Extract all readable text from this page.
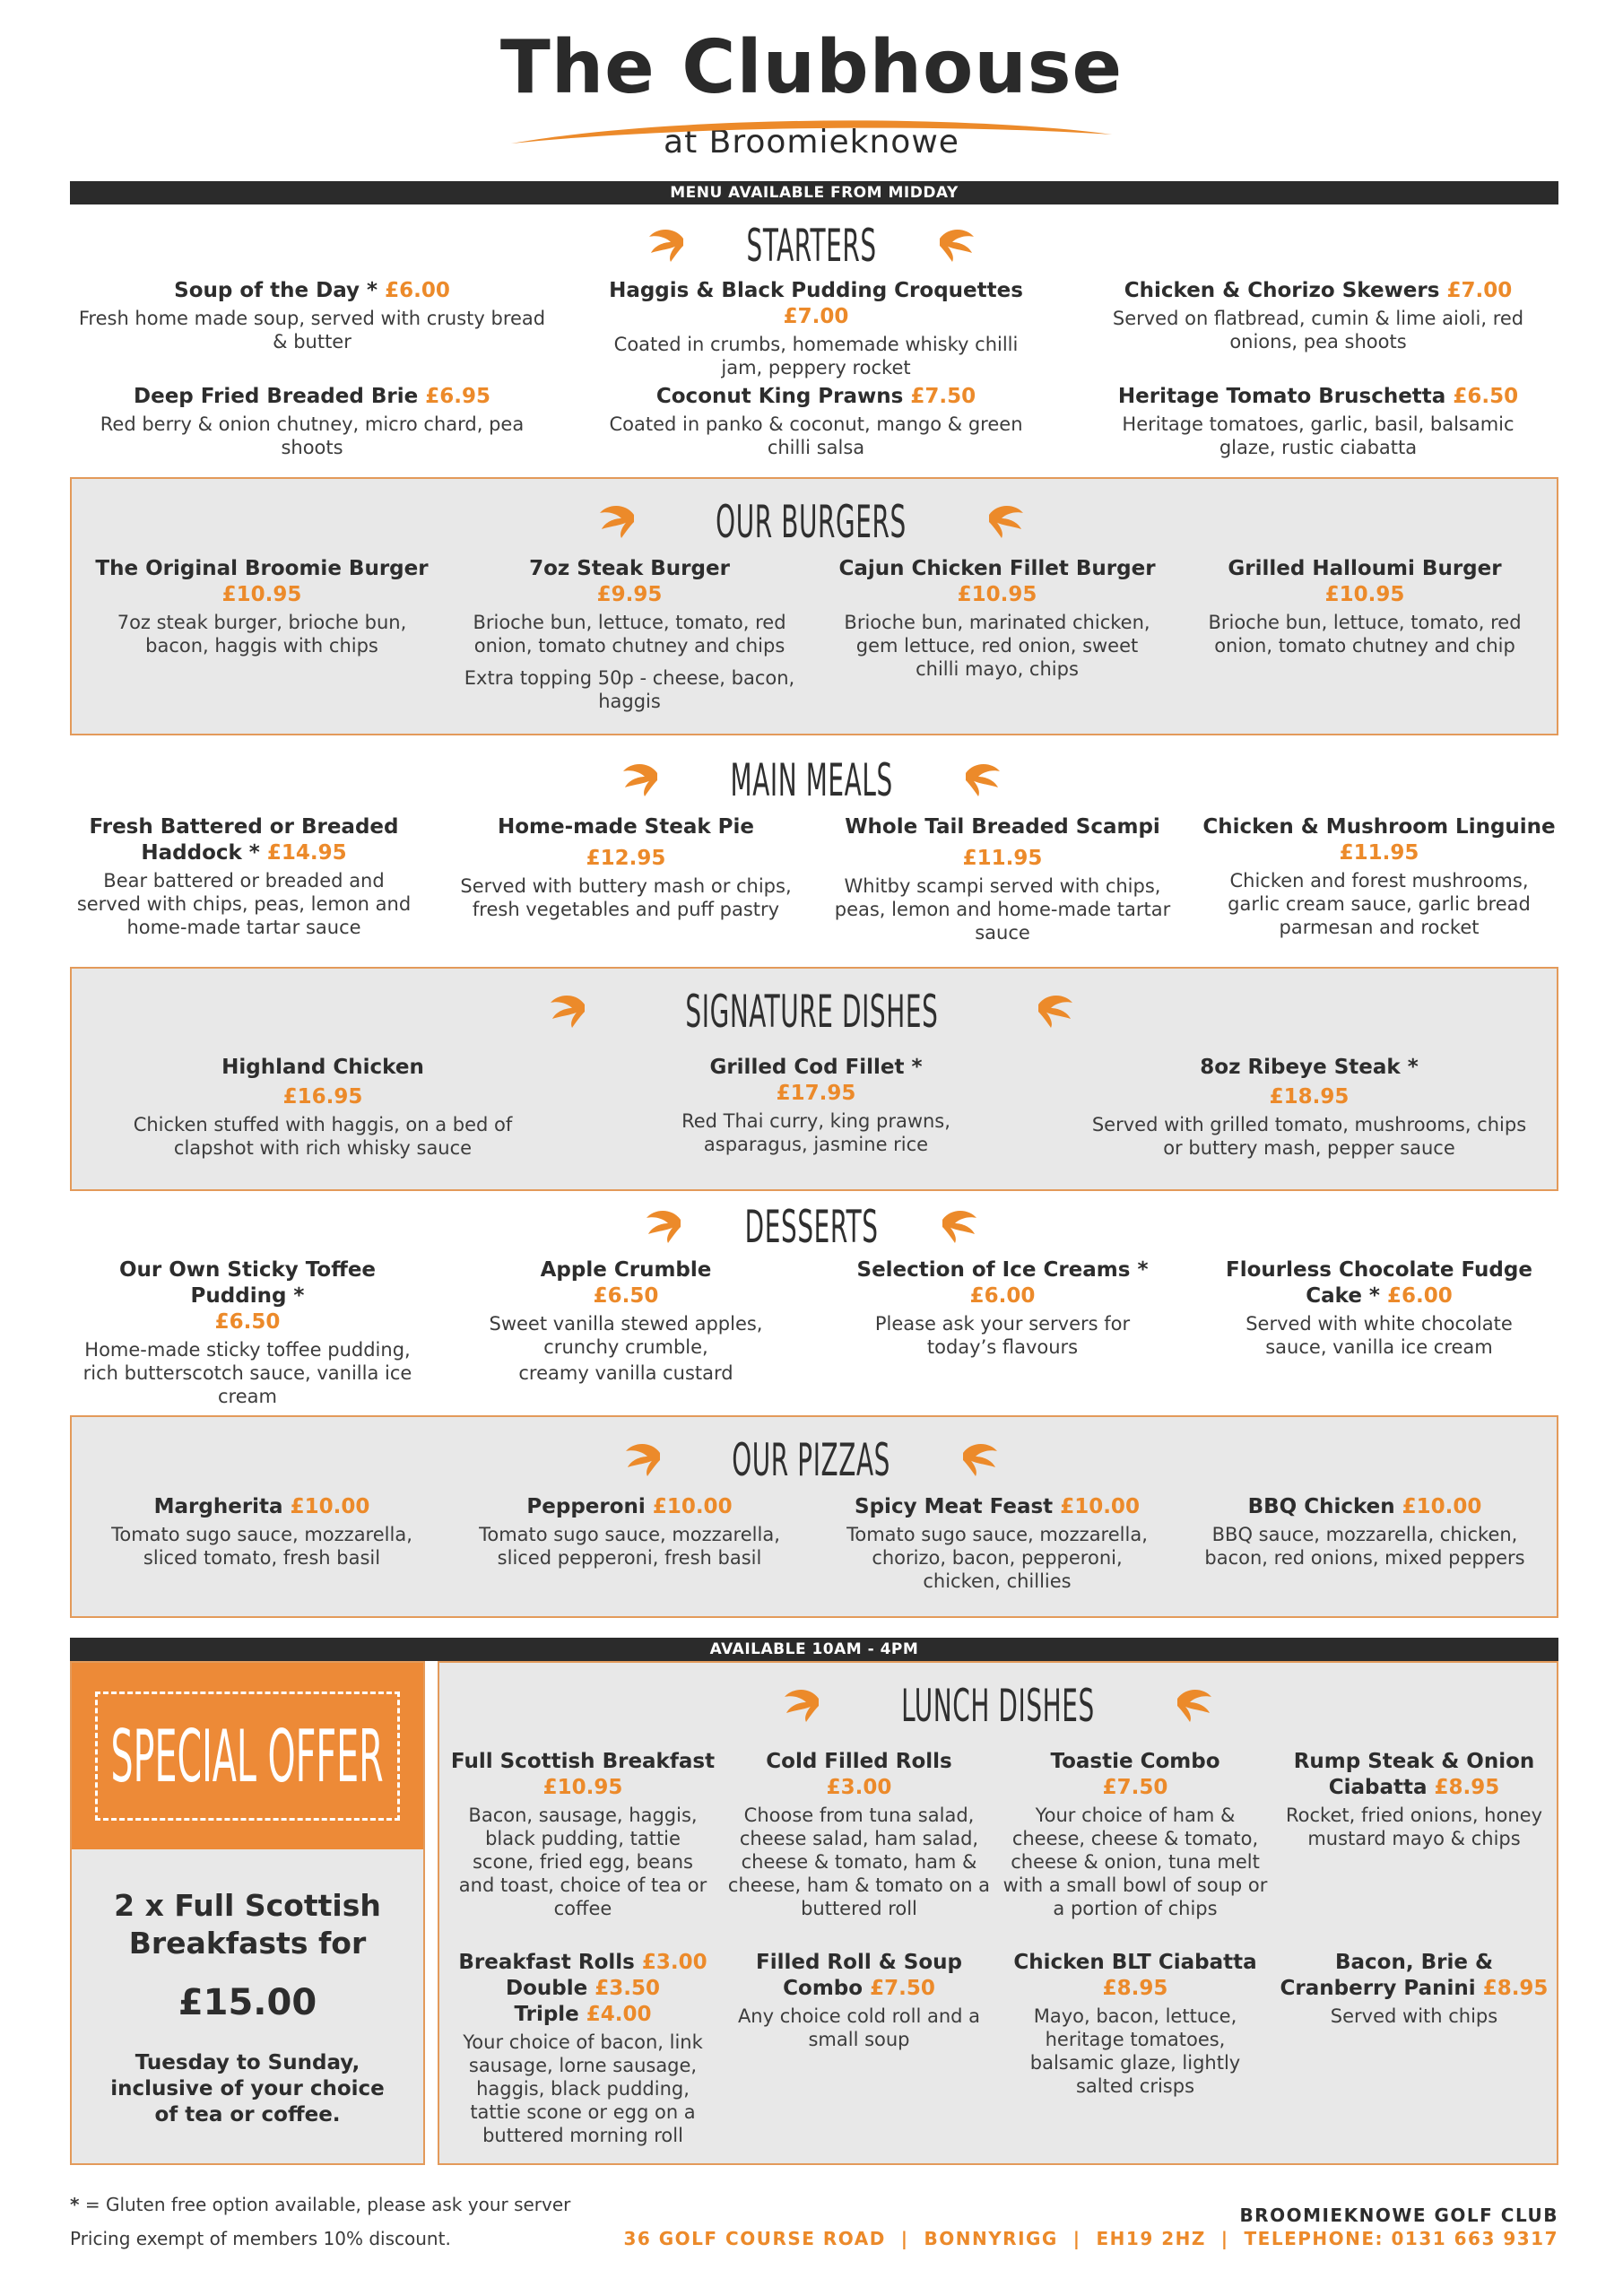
The Clubhouse
at Broomieknowe
MENU AVAILABLE FROM MIDDAY
STARTERS
Soup of the Day * £6.00
Fresh home made soup, served with crusty bread & butter
Haggis & Black Pudding Croquettes £7.00
Coated in crumbs, homemade whisky chilli jam, peppery rocket
Chicken & Chorizo Skewers £7.00
Served on flatbread, cumin & lime aioli, red onions, pea shoots
Deep Fried Breaded Brie £6.95
Red berry & onion chutney, micro chard, pea shoots
Coconut King Prawns £7.50
Coated in panko & coconut, mango & green chilli salsa
Heritage Tomato Bruschetta £6.50
Heritage tomatoes, garlic, basil, balsamic glaze, rustic ciabatta
OUR BURGERS
The Original Broomie Burger
£10.95
7oz steak burger, brioche bun, bacon, haggis with chips
7oz Steak Burger
£9.95
Brioche bun, lettuce, tomato, red onion, tomato chutney and chips
Extra topping 50p - cheese, bacon, haggis
Cajun Chicken Fillet Burger
£10.95
Brioche bun, marinated chicken, gem lettuce, red onion, sweet chilli mayo, chips
Grilled Halloumi Burger
£10.95
Brioche bun, lettuce, tomato, red onion, tomato chutney and chip
MAIN MEALS
Fresh Battered or Breaded
Haddock * £14.95
Bear battered or breaded and served with chips, peas, lemon and home-made tartar sauce
Home-made Steak Pie
£12.95
Served with buttery mash or chips, fresh vegetables and puff pastry
Whole Tail Breaded Scampi
£11.95
Whitby scampi served with chips, peas, lemon and home-made tartar sauce
Chicken & Mushroom Linguine
£11.95
Chicken and forest mushrooms, garlic cream sauce, garlic bread parmesan and rocket
SIGNATURE DISHES
Highland Chicken
£16.95
Chicken stuffed with haggis, on a bed of clapshot with rich whisky sauce
Grilled Cod Fillet *
£17.95
Red Thai curry, king prawns, asparagus, jasmine rice
8oz Ribeye Steak *
£18.95
Served with grilled tomato, mushrooms, chips or buttery mash, pepper sauce
DESSERTS
Our Own Sticky Toffee Pudding *
£6.50
Home-made sticky toffee pudding, rich butterscotch sauce, vanilla ice cream
Apple Crumble
£6.50
Sweet vanilla stewed apples, crunchy crumble,
creamy vanilla custard
Selection of Ice Creams * £6.00
Please ask your servers for today’s flavours
Flourless Chocolate Fudge
Cake * £6.00
Served with white chocolate sauce, vanilla ice cream
OUR PIZZAS
Margherita £10.00
Tomato sugo sauce, mozzarella, sliced tomato, fresh basil
Pepperoni £10.00
Tomato sugo sauce, mozzarella, sliced pepperoni, fresh basil
Spicy Meat Feast £10.00
Tomato sugo sauce, mozzarella, chorizo, bacon, pepperoni, chicken, chillies
BBQ Chicken £10.00
BBQ sauce, mozzarella, chicken, bacon, red onions, mixed peppers
AVAILABLE 10AM - 4PM
SPECIAL OFFER
2 x Full Scottish
Breakfasts for
£15.00
Tuesday to Sunday,
inclusive of your choice
of tea or coffee.
LUNCH DISHES
Full Scottish Breakfast
£10.95
Bacon, sausage, haggis, black pudding, tattie scone, fried egg, beans and toast, choice of tea or coffee
Cold Filled Rolls
£3.00
Choose from tuna salad, cheese salad, ham salad, cheese & tomato, ham & cheese, ham & tomato on a buttered roll
Toastie Combo
£7.50
Your choice of ham & cheese, cheese & tomato, cheese & onion, tuna melt with a small bowl of soup or a portion of chips
Rump Steak & Onion
Ciabatta £8.95
Rocket, fried onions, honey mustard mayo & chips
Breakfast Rolls £3.00
Double £3.50
Triple £4.00
Your choice of bacon, link sausage, lorne sausage, haggis, black pudding, tattie scone or egg on a buttered morning roll
Filled Roll & Soup
Combo £7.50
Any choice cold roll and a small soup
Chicken BLT Ciabatta
£8.95
Mayo, bacon, lettuce, heritage tomatoes, balsamic glaze, lightly salted crisps
Bacon, Brie &
Cranberry Panini £8.95
Served with chips
* = Gluten free option available, please ask your server
Pricing exempt of members 10% discount.
BROOMIEKNOWE GOLF CLUB
36 GOLF COURSE ROAD  |  BONNYRIGG  |  EH19 2HZ  |  TELEPHONE: 0131 663 9317
